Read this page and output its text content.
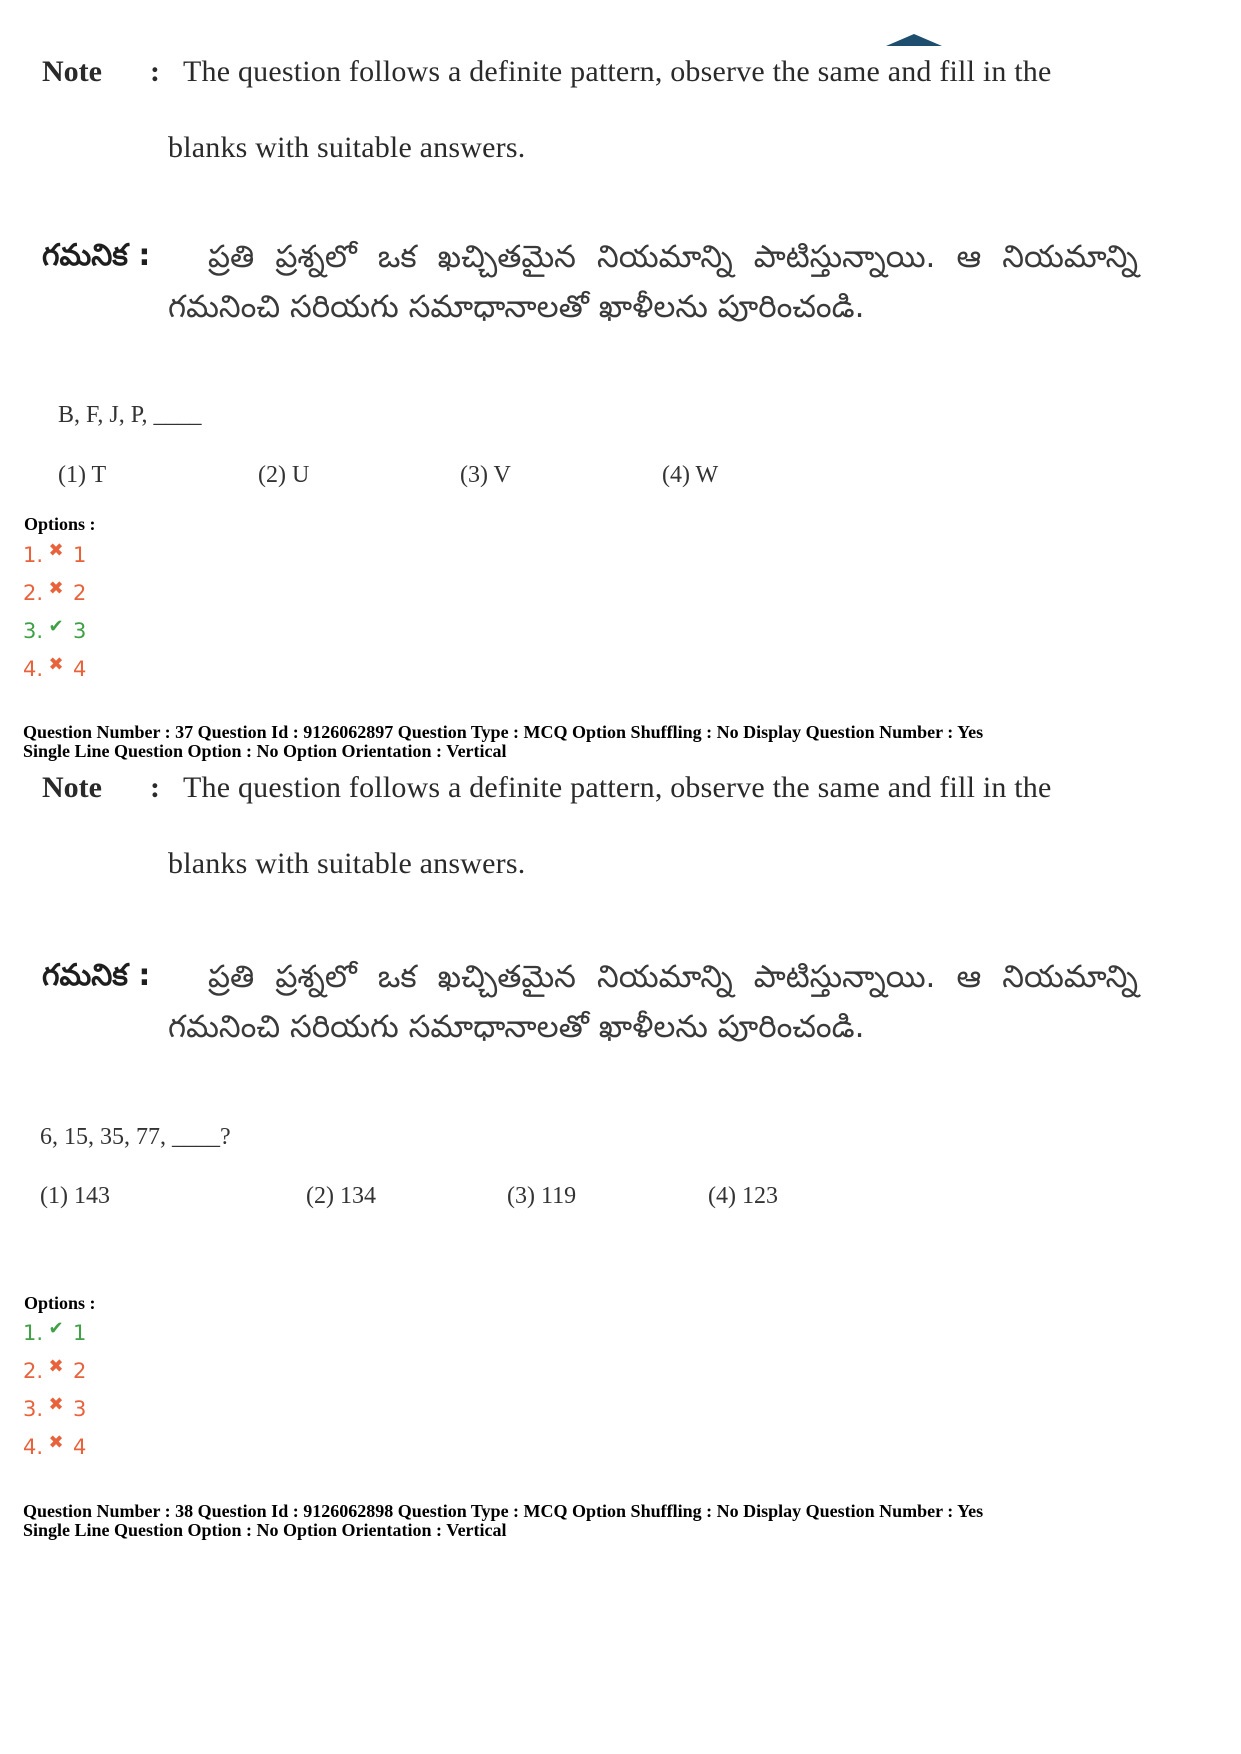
Note : The question follows a definite pattern, observe the same and fill in the
blanks with suitable answers.
గమనిక :	ప్రతి ప్రశ్నలో ఒక ఖచ్చితమైన నియమాన్ని పాటిస్తున్నాయి. ఆ నియమాన్ని గమనించి సరియగు సమాధానాలతో ఖాళీలను పూరించండి.
B, F, J, P, ____
(1) T	(2) U	(3) V	(4) W
Options :
1. ✖ 1
2. ✖ 2
3. ✔ 3
4. ✖ 4
Question Number : 37 Question Id : 9126062897 Question Type : MCQ Option Shuffling : No Display Question Number : Yes
Single Line Question Option : No Option Orientation : Vertical
Note : The question follows a definite pattern, observe the same and fill in the
blanks with suitable answers.
గమనిక :	ప్రతి ప్రశ్నలో ఒక ఖచ్చితమైన నియమాన్ని పాటిస్తున్నాయి. ఆ నియమాన్ని గమనించి సరియగు సమాధానాలతో ఖాళీలను పూరించండి.
6, 15, 35, 77, ____?
(1) 143	(2) 134	(3) 119	(4) 123
Options :
1. ✔ 1
2. ✖ 2
3. ✖ 3
4. ✖ 4
Question Number : 38 Question Id : 9126062898 Question Type : MCQ Option Shuffling : No Display Question Number : Yes
Single Line Question Option : No Option Orientation : Vertical
